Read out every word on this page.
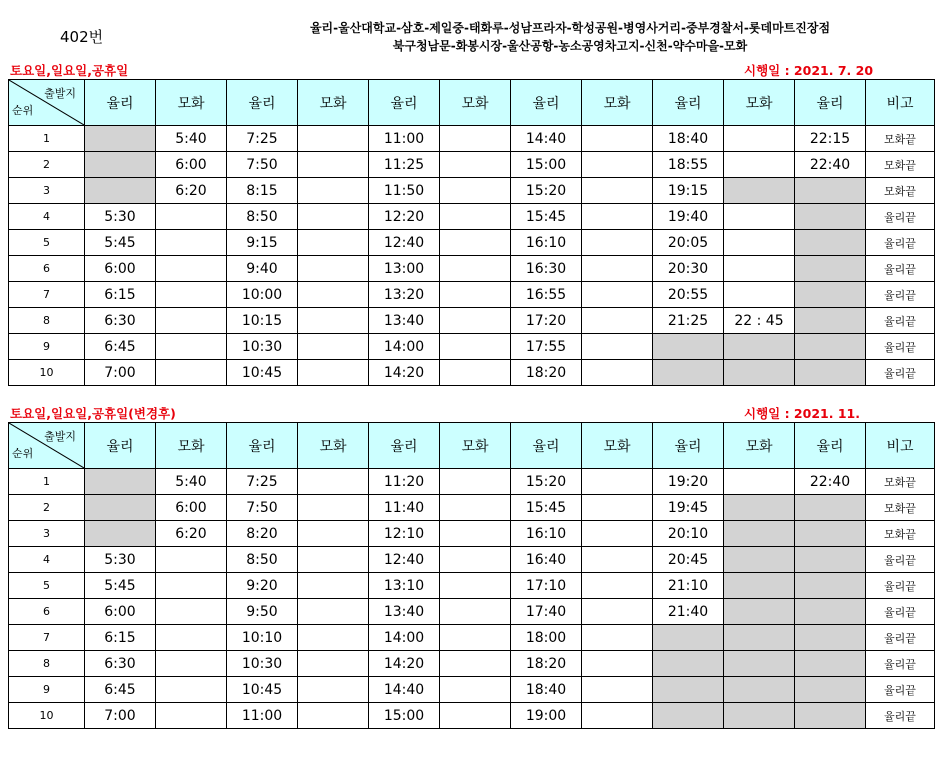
402번	율리-울산대학교-삼호-제일중-태화루-성남프라자-학성공원-병영사거리-중부경찰서-롯데마트진장점
북구청남문-화봉시장-울산공항-농소공영차고지-신천-약수마을-모화
토요일,일요일,공휴일	시행일 : 2021. 7. 20
출발지
순위	율리	모화	율리	모화	율리	모화	율리	모화	율리	모화	율리	비고
1		5:40	7:25		11:00		14:40		18:40		22:15	모화끝
2		6:00	7:50		11:25		15:00		18:55		22:40	모화끝
3		6:20	8:15		11:50		15:20		19:15			모화끝
4	5:30		8:50		12:20		15:45		19:40			율리끝
5	5:45		9:15		12:40		16:10		20:05			율리끝
6	6:00		9:40		13:00		16:30		20:30			율리끝
7	6:15		10:00		13:20		16:55		20:55			율리끝
8	6:30		10:15		13:40		17:20		21:25	22 : 45		율리끝
9	6:45		10:30		14:00		17:55					율리끝
10	7:00		10:45		14:20		18:20					율리끝
토요일,일요일,공휴일(변경후)	시행일 : 2021. 11.
출발지
순위	율리	모화	율리	모화	율리	모화	율리	모화	율리	모화	율리	비고
1		5:40	7:25		11:20		15:20		19:20		22:40	모화끝
2		6:00	7:50		11:40		15:45		19:45			모화끝
3		6:20	8:20		12:10		16:10		20:10			모화끝
4	5:30		8:50		12:40		16:40		20:45			율리끝
5	5:45		9:20		13:10		17:10		21:10			율리끝
6	6:00		9:50		13:40		17:40		21:40			율리끝
7	6:15		10:10		14:00		18:00					율리끝
8	6:30		10:30		14:20		18:20					율리끝
9	6:45		10:45		14:40		18:40					율리끝
10	7:00		11:00		15:00		19:00					율리끝
